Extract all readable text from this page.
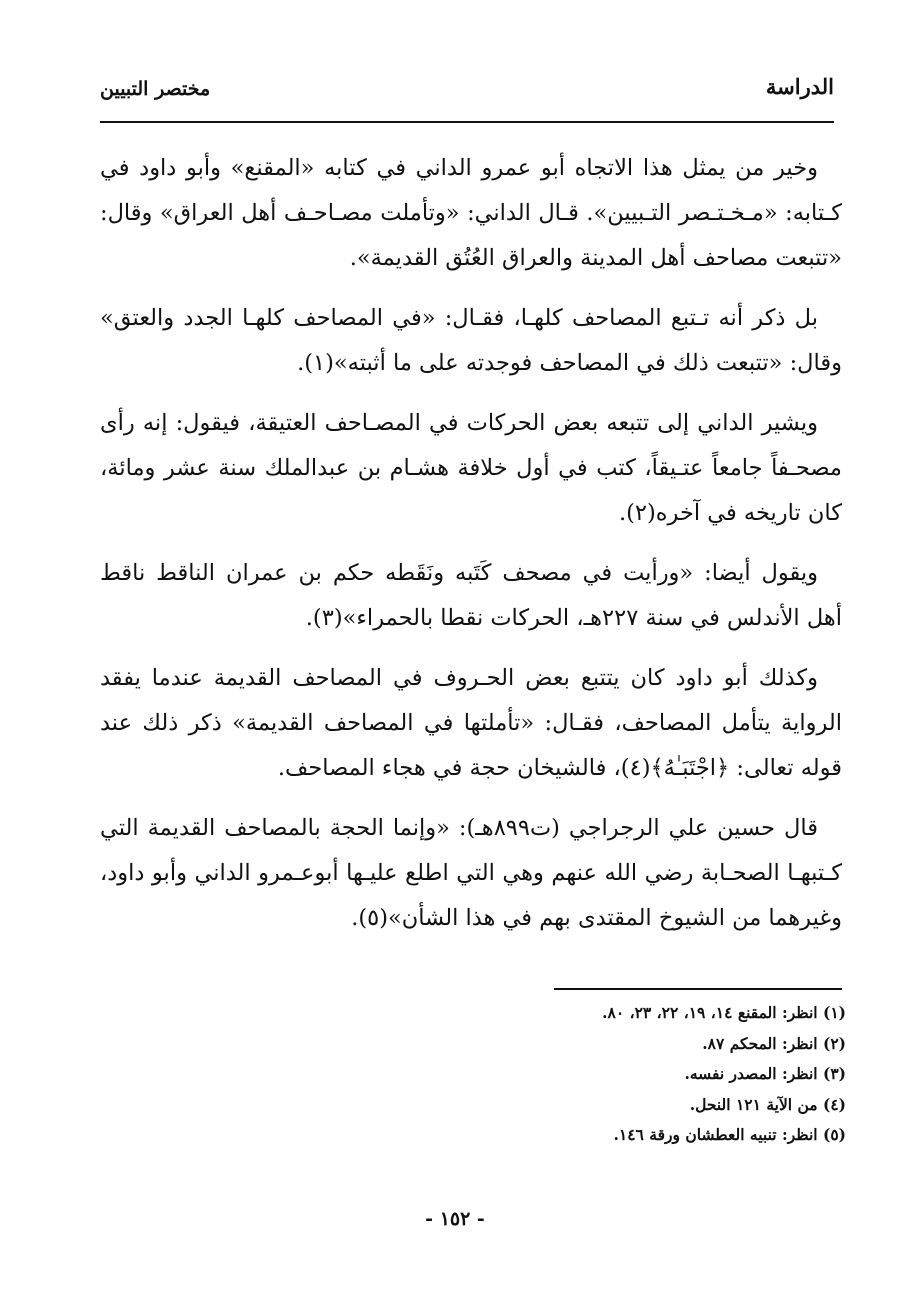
الدراسة
مختصر التبيين

وخير من يمثل هذا الاتجاه أبو عمرو الداني في كتابه «المقنع» وأبو داود في كـتابه: «مـخـتـصر التـبيين». قـال الداني: «وتأملت مصـاحـف أهل العراق» وقال: «تتبعت مصاحف أهل المدينة والعراق العُتُق القديمة».

بل ذكر أنه تـتبع المصاحف كلهـا، فقـال: «في المصاحف كلهـا الجدد والعتق» وقال: «تتبعت ذلك في المصاحف فوجدته على ما أثبته»(١).

ويشير الداني إلى تتبعه بعض الحركات في المصـاحف العتيقة، فيقول: إنه رأى مصحـفاً جامعاً عتـيقاً، كتب في أول خلافة هشـام بن عبدالملك سنة عشر ومائة، كان تاريخه في آخره(٢).

ويقول أيضا: «ورأيت في مصحف كَتَبه ونَقَطه حكم بن عمران الناقط ناقط أهل الأندلس في سنة ٢٢٧هـ، الحركات نقطا بالحمراء»(٣).

وكذلك أبو داود كان يتتبع بعض الحـروف في المصاحف القديمة عندما يفقد الرواية يتأمل المصاحف، فقـال: «تأملتها في المصاحف القديمة» ذكر ذلك عند قوله تعالى: ﴿اجْتَبَـٰهُ﴾(٤)، فالشيخان حجة في هجاء المصاحف.

قال حسين علي الرجراجي (ت٨٩٩هـ): «وإنما الحجة بالمصاحف القديمة التي كـتبهـا الصحـابة رضي الله عنهم وهي التي اطلع عليـها أبوعـمرو الداني وأبو داود، وغيرهما من الشيوخ المقتدى بهم في هذا الشأن»(٥).

(١) انظر: المقنع ١٤، ١٩، ٢٢، ٢٣، ٨٠.
(٢) انظر: المحكم ٨٧.
(٣) انظر: المصدر نفسه.
(٤) من الآية ١٢١ النحل.
(٥) انظر: تنبيه العطشان ورقة ١٤٦.
- ١٥٢ -
